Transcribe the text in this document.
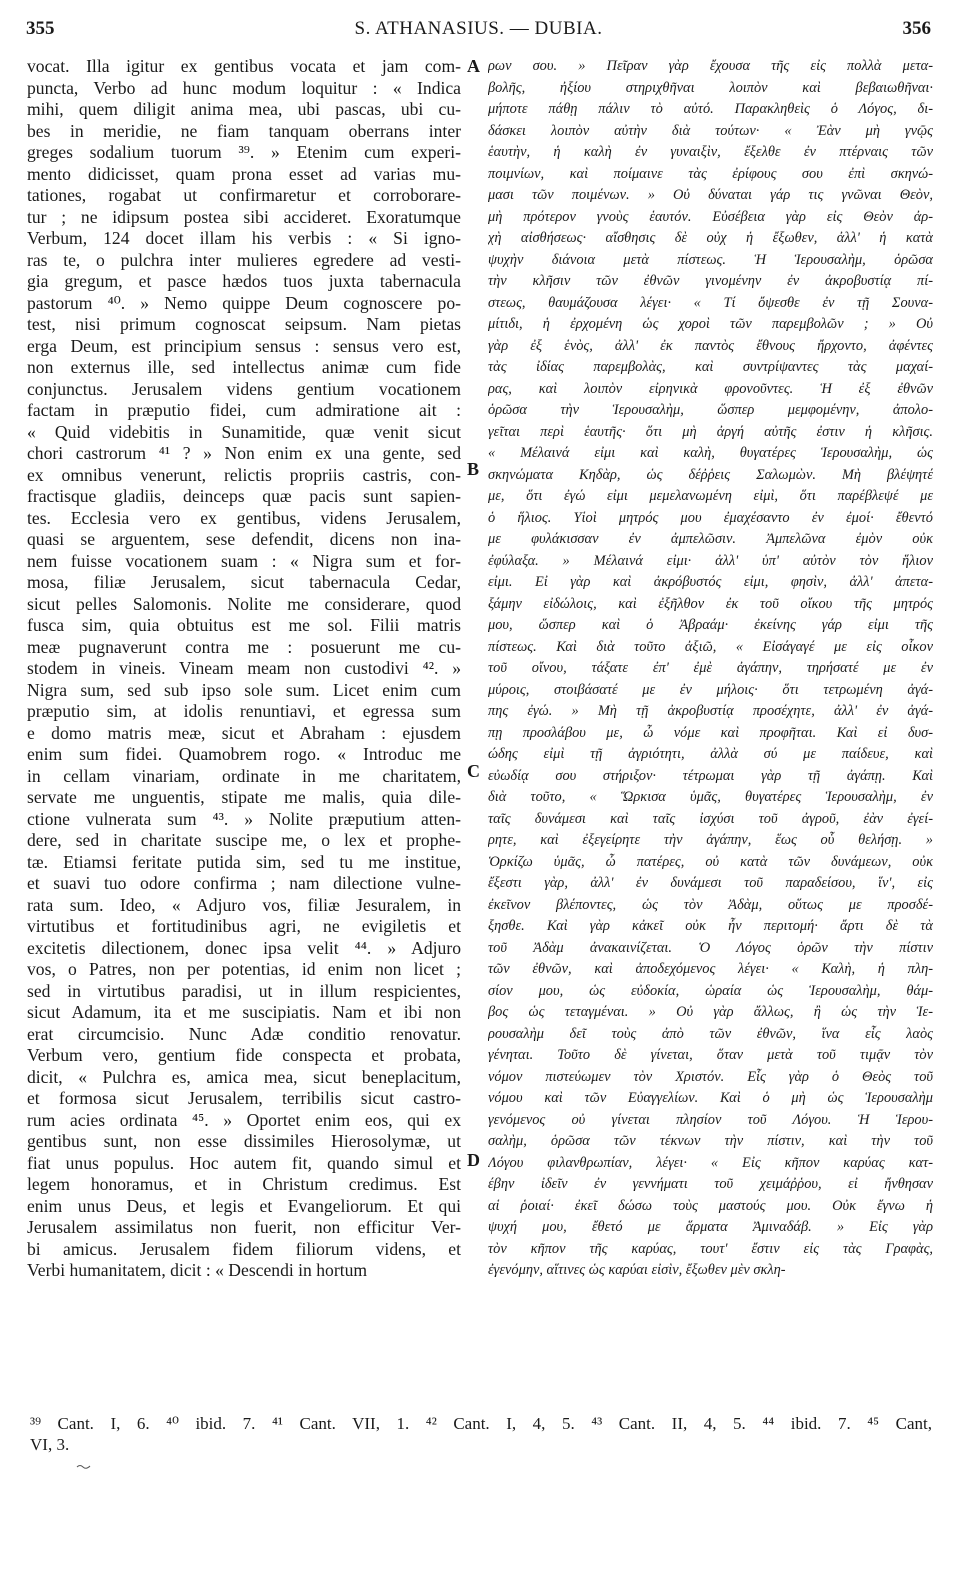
355	S. ATHANASIUS. — DUBIA.	356
A
B
C
D
vocat. Illa igitur ex gentibus vocata et jam com-
puncta, Verbo ad hunc modum loquitur : « Indica
mihi, quem diligit anima mea, ubi pascas, ubi cu-
bes in meridie, ne fiam tanquam oberrans inter
greges sodalium tuorum ³⁹. » Etenim cum experi-
mento didicisset, quam prona esset ad varias mu-
tationes, rogabat ut confirmaretur et corroborare-
tur ; ne idipsum postea sibi accideret. Exoratumque
Verbum, 124 docet illam his verbis : « Si igno-
ras te, o pulchra inter mulieres egredere ad vesti-
gia gregum, et pasce hædos tuos juxta tabernacula
pastorum ⁴⁰. » Nemo quippe Deum cognoscere po-
test, nisi primum cognoscat seipsum. Nam pietas
erga Deum, est principium sensus : sensus vero est,
non externus ille, sed intellectus animæ cum fide
conjunctus. Jerusalem videns gentium vocationem
factam in præputio fidei, cum admiratione ait :
« Quid videbitis in Sunamitide, quæ venit sicut
chori castrorum ⁴¹ ? » Non enim ex una gente, sed
ex omnibus venerunt, relictis propriis castris, con-
fractisque gladiis, deinceps quæ pacis sunt sapien-
tes. Ecclesia vero ex gentibus, videns Jerusalem,
quasi se arguentem, sese defendit, dicens non ina-
nem fuisse vocationem suam : « Nigra sum et for-
mosa, filiæ Jerusalem, sicut tabernacula Cedar,
sicut pelles Salomonis. Nolite me considerare, quod
fusca sim, quia obtuitus est me sol. Filii matris
meæ pugnaverunt contra me : posuerunt me cu-
stodem in vineis. Vineam meam non custodivi ⁴². »
Nigra sum, sed sub ipso sole sum. Licet enim cum
præputio sim, at idolis renuntiavi, et egressa sum
e domo matris meæ, sicut et Abraham : ejusdem
enim sum fidei. Quamobrem rogo. « Introduc me
in cellam vinariam, ordinate in me charitatem,
servate me unguentis, stipate me malis, quia dile-
ctione vulnerata sum ⁴³. » Nolite præputium atten-
dere, sed in charitate suscipe me, o lex et prophe-
tæ. Etiamsi feritate putida sim, sed tu me institue,
et suavi tuo odore confirma ; nam dilectione vulne-
rata sum. Ideo, « Adjuro vos, filiæ Jesuralem, in
virtutibus et fortitudinibus agri, ne evigiletis et
excitetis dilectionem, donec ipsa velit ⁴⁴. » Adjuro
vos, o Patres, non per potentias, id enim non licet ;
sed in virtutibus paradisi, ut in illum respicientes,
sicut Adamum, ita et me suscipiatis. Nam et ibi non
erat circumcisio. Nunc Adæ conditio renovatur.
Verbum vero, gentium fide conspecta et probata,
dicit, « Pulchra es, amica mea, sicut beneplacitum,
et formosa sicut Jerusalem, terribilis sicut castro-
rum acies ordinata ⁴⁵. » Oportet enim eos, qui ex
gentibus sunt, non esse dissimiles Hierosolymæ, ut
fiat unus populus. Hoc autem fit, quando simul et
legem honoramus, et in Christum credimus. Est
enim unus Deus, et legis et Evangeliorum. Et qui
Jerusalem assimilatus non fuerit, non efficitur Ver-
bi amicus. Jerusalem fidem filiorum videns, et
Verbi humanitatem, dicit : « Descendi in hortum
ρων σου. » Πεῖραν γὰρ ἔχουσα τῆς εἰς πολλὰ μετα-
βολῆς, ἠξίου στηριχθῆναι λοιπὸν καὶ βεβαιωθῆναι·
μήποτε πάθῃ πάλιν τὸ αὐτό. Παρακληθεὶς ὁ Λόγος, δι-
δάσκει λοιπὸν αὐτὴν διὰ τούτων· « Ἐὰν μὴ γνῷς
ἑαυτὴν, ἡ καλὴ ἐν γυναιξὶν, ἔξελθε ἐν πτέρναις τῶν
ποιμνίων, καὶ ποίμαινε τὰς ἐρίφους σου ἐπὶ σκηνώ-
μασι τῶν ποιμένων. » Οὐ δύναται γάρ τις γνῶναι Θεὸν,
μὴ πρότερον γνοὺς ἑαυτόν. Εὐσέβεια γὰρ εἰς Θεὸν ἀρ-
χὴ αἰσθήσεως· αἴσθησις δὲ οὐχ ἡ ἔξωθεν, ἀλλ' ἡ κατὰ
ψυχὴν διάνοια μετὰ πίστεως. Ἡ Ἱερουσαλὴμ, ὁρῶσα
τὴν κλῆσιν τῶν ἐθνῶν γινομένην ἐν ἀκροβυστίᾳ πί-
στεως, θαυμάζουσα λέγει· « Τί ὄψεσθε ἐν τῇ Σουνα-
μίτιδι, ἡ ἐρχομένη ὡς χοροὶ τῶν παρεμβολῶν ; » Οὐ
γὰρ ἐξ ἑνὸς, ἀλλ' ἐκ παντὸς ἔθνους ἤρχοντο, ἀφέντες
τὰς ἰδίας παρεμβολὰς, καὶ συντρίψαντες τὰς μαχαί-
ρας, καὶ λοιπὸν εἰρηνικὰ φρονοῦντες. Ἡ ἐξ ἐθνῶν
ὁρῶσα τὴν Ἱερουσαλὴμ, ὥσπερ μεμφομένην, ἀπολο-
γεῖται περὶ ἑαυτῆς· ὅτι μὴ ἀργή αὐτῆς ἐστιν ἡ κλῆσις.
« Μέλαινά εἰμι καὶ καλὴ, θυγατέρες Ἱερουσαλὴμ, ὡς
σκηνώματα Κηδὰρ, ὡς δέῤῥεις Σαλωμὼν. Μὴ βλέψητέ
με, ὅτι ἐγώ εἰμι μεμελανωμένη εἰμὶ, ὅτι παρέβλεψέ με
ὁ ἥλιος. Υἱοὶ μητρός μου ἐμαχέσαντο ἐν ἐμοί· ἔθεντό
με φυλάκισσαν ἐν ἀμπελῶσιν. Ἀμπελῶνα ἐμὸν οὐκ
ἐφύλαξα. » Μέλαινά εἰμι· ἀλλ' ὑπ' αὐτὸν τὸν ἥλιον
εἰμι. Εἰ γὰρ καὶ ἀκρόβυστός εἰμι, φησὶν, ἀλλ' ἀπετα-
ξάμην εἰδώλοις, καὶ ἐξῆλθον ἐκ τοῦ οἴκου τῆς μητρός
μου, ὥσπερ καὶ ὁ Ἀβραάμ· ἐκείνης γάρ εἰμι τῆς
πίστεως. Καὶ διὰ τοῦτο ἀξιῶ, « Εἰσάγαγέ με εἰς οἶκον
τοῦ οἴνου, τάξατε ἐπ' ἐμὲ ἀγάπην, τηρήσατέ με ἐν
μύροις, στοιβάσατέ με ἐν μήλοις· ὅτι τετρωμένη ἀγά-
πης ἐγώ. » Μὴ τῇ ἀκροβυστίᾳ προσέχητε, ἀλλ' ἐν ἀγά-
πῃ προσλάβου με, ὦ νόμε καὶ προφῆται. Καὶ εἰ δυσ-
ώδης εἰμὶ τῇ ἀγριότητι, ἀλλὰ σύ με παίδευε, καὶ
εὐωδίᾳ σου στήριξον· τέτρωμαι γὰρ τῇ ἀγάπῃ. Καὶ
διὰ τοῦτο, « Ὥρκισα ὑμᾶς, θυγατέρες Ἱερουσαλὴμ, ἐν
ταῖς δυνάμεσι καὶ ταῖς ἰσχύσι τοῦ ἀγροῦ, ἐὰν ἐγεί-
ρητε, καὶ ἐξεγείρητε τὴν ἀγάπην, ἕως οὗ θελήσῃ. »
Ὁρκίζω ὑμᾶς, ὦ πατέρες, οὐ κατὰ τῶν δυνάμεων, οὐκ
ἔξεστι γὰρ, ἀλλ' ἐν δυνάμεσι τοῦ παραδείσου, ἵν', εἰς
ἐκεῖνον βλέποντες, ὡς τὸν Ἀδὰμ, οὕτως με προσδέ-
ξησθε. Καὶ γὰρ κἀκεῖ οὐκ ἦν περιτομή· ἄρτι δὲ τὰ
τοῦ Ἀδὰμ ἀνακαινίζεται. Ὁ Λόγος ὁρῶν τὴν πίστιν
τῶν ἐθνῶν, καὶ ἀποδεχόμενος λέγει· « Καλὴ, ἡ πλη-
σίον μου, ὡς εὐδοκία, ὡραία ὡς Ἱερουσαλὴμ, θάμ-
βος ὡς τεταγμέναι. » Οὐ γὰρ ἄλλως, ἢ ὡς τὴν Ἱε-
ρουσαλὴμ δεῖ τοὺς ἀπὸ τῶν ἐθνῶν, ἵνα εἷς λαὸς
γένηται. Τοῦτο δὲ γίνεται, ὅταν μετὰ τοῦ τιμᾷν τὸν
νόμον πιστεύωμεν τὸν Χριστόν. Εἷς γὰρ ὁ Θεὸς τοῦ
νόμου καὶ τῶν Εὐαγγελίων. Καὶ ὁ μὴ ὡς Ἱερουσαλὴμ
γενόμενος οὐ γίνεται πλησίον τοῦ Λόγου. Ἡ Ἱερου-
σαλὴμ, ὁρῶσα τῶν τέκνων τὴν πίστιν, καὶ τὴν τοῦ
Λόγου φιλανθρωπίαν, λέγει· « Εἰς κῆπον καρύας κατ-
έβην ἰδεῖν ἐν γεννήματι τοῦ χειμάῤῥου, εἰ ἤνθησαν
αἱ ῥοιαί· ἐκεῖ δώσω τοὺς μαστούς μου. Οὐκ ἔγνω ἡ
ψυχή μου, ἔθετό με ἅρματα Ἀμιναδάβ. » Εἰς γὰρ
τὸν κῆπον τῆς καρύας, τουτ' ἔστιν εἰς τὰς Γραφὰς,
ἐγενόμην, αἵτινες ὡς καρύαι εἰσὶν, ἔξωθεν μὲν σκλη-
³⁹ Cant. I, 6. ⁴⁰ ibid. 7. ⁴¹ Cant. VII, 1. ⁴² Cant. I, 4, 5. ⁴³ Cant. II, 4, 5. ⁴⁴ ibid. 7. ⁴⁵ Cant,
VI, 3.
